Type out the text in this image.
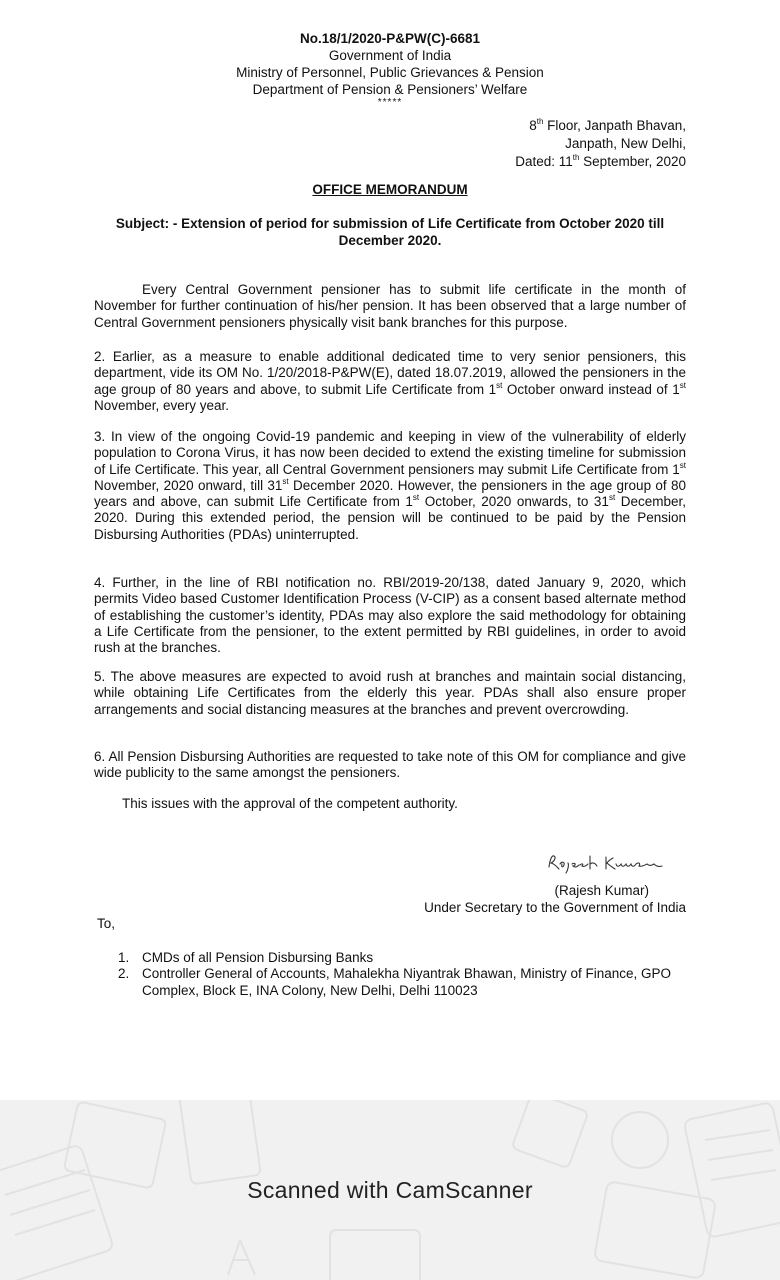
No.18/1/2020-P&PW(C)-6681
Government of India
Ministry of Personnel, Public Grievances & Pension
Department of Pension & Pensioners’ Welfare
*****
8th Floor, Janpath Bhavan,
Janpath, New Delhi,
Dated: 11th September, 2020
OFFICE MEMORANDUM
Subject: - Extension of period for submission of Life Certificate from October 2020 till December 2020.
Every Central Government pensioner has to submit life certificate in the month of November for further continuation of his/her pension. It has been observed that a large number of Central Government pensioners physically visit bank branches for this purpose.
2. Earlier, as a measure to enable additional dedicated time to very senior pensioners, this department, vide its OM No. 1/20/2018-P&PW(E), dated 18.07.2019, allowed the pensioners in the age group of 80 years and above, to submit Life Certificate from 1st October onward instead of 1st November, every year.
3. In view of the ongoing Covid-19 pandemic and keeping in view of the vulnerability of elderly population to Corona Virus, it has now been decided to extend the existing timeline for submission of Life Certificate. This year, all Central Government pensioners may submit Life Certificate from 1st November, 2020 onward, till 31st December 2020. However, the pensioners in the age group of 80 years and above, can submit Life Certificate from 1st October, 2020 onwards, to 31st December, 2020. During this extended period, the pension will be continued to be paid by the Pension Disbursing Authorities (PDAs) uninterrupted.
4. Further, in the line of RBI notification no. RBI/2019-20/138, dated January 9, 2020, which permits Video based Customer Identification Process (V-CIP) as a consent based alternate method of establishing the customer’s identity, PDAs may also explore the said methodology for obtaining a Life Certificate from the pensioner, to the extent permitted by RBI guidelines, in order to avoid rush at the branches.
5. The above measures are expected to avoid rush at branches and maintain social distancing, while obtaining Life Certificates from the elderly this year. PDAs shall also ensure proper arrangements and social distancing measures at the branches and prevent overcrowding.
6. All Pension Disbursing Authorities are requested to take note of this OM for compliance and give wide publicity to the same amongst the pensioners.
This issues with the approval of the competent authority.
(Rajesh Kumar)
Under Secretary to the Government of India
To,
1. CMDs of all Pension Disbursing Banks
2. Controller General of Accounts, Mahalekha Niyantrak Bhawan, Ministry of Finance, GPO Complex, Block E, INA Colony, New Delhi, Delhi 110023
Scanned with CamScanner
